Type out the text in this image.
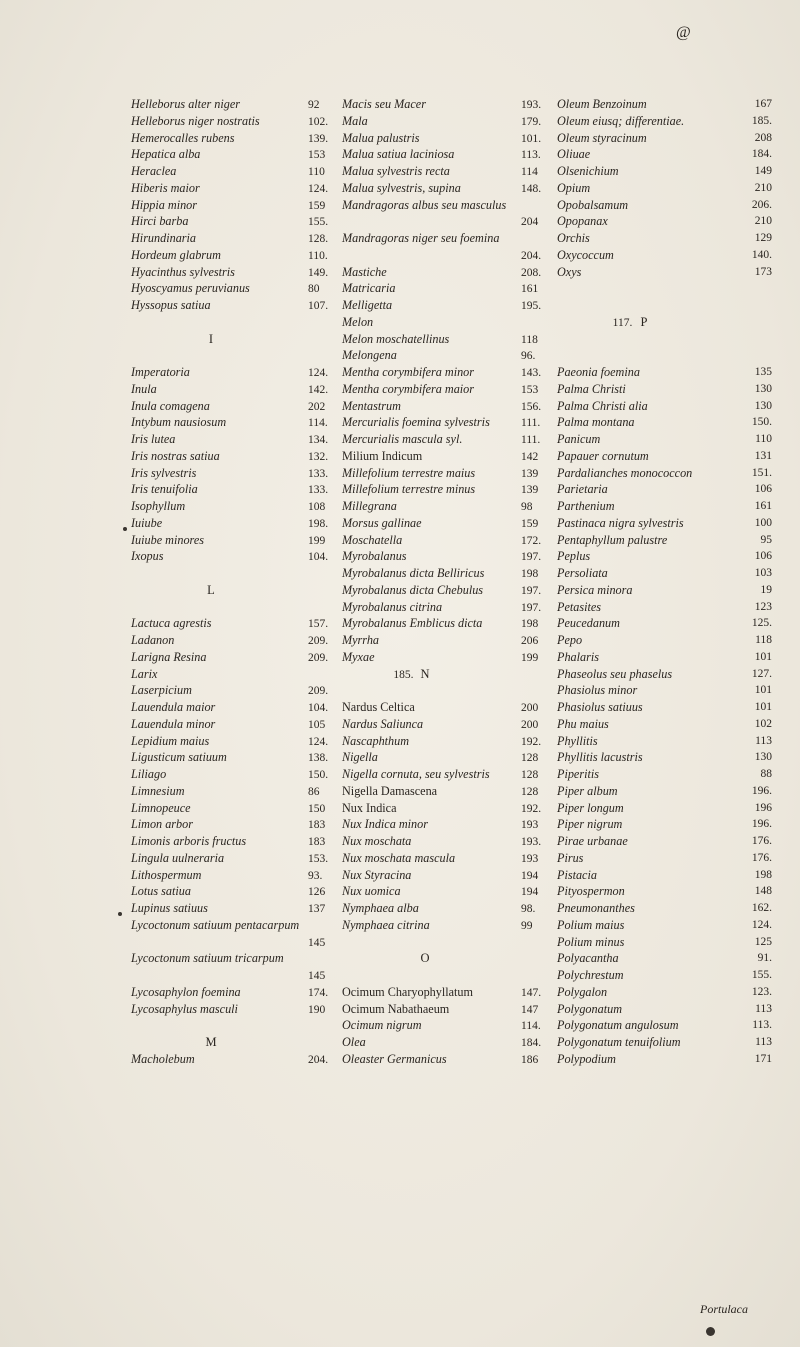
@
Helleborus alter niger
Helleborus niger nostratis
Hemerocalles rubens
Hepatica alba
Heraclea
Hiberis maior
Hippia minor
Hirci barba
Hirundinaria
Hordeum glabrum
Hyacinthus sylvestris
Hyoscyamus peruvianus
Hyssopus satiua
I
Imperatoria
Inula
Inula comagena
Intybum nausiosum
Iris lutea
Iris nostras satiua
Iris sylvestris
Iris tenuifolia
Isophyllum
Iuiube
Iuiube minores
Ixopus
L
Lactuca agrestis
Ladanon
Larigna Resina
Larix
Laserpicium
Lauendula maior
Lauendula minor
Lepidium maius
Ligusticum satiuum
Liliago
Limnesium
Limnopeuce
Limon arbor
Limonis arboris fructus
Lingula uulneraria
Lithospermum
Lotus satiua
Lupinus satiuus
Lycoctonum satiuum pentacarpum
Lycoctonum satiuum tricarpum
Lycosaphylon foemina
Lycosaphylus masculi
M
Macholebum
92 Macis seu Macer
102. Mala
139. Malua palustris
153 Malua satiua laciniosa
110 Malua sylvestris recta
124. Malua sylvestris, supina
159 Mandragoras albus seu masculus
155.
128. Mandragoras niger seu foemina
110.
149. Mastiche
80 Matricaria
107. Melligetta
Melon
Melon moschatellinus
Melongena
124. Mentha corymbifera minor
142. Mentha corymbifera maior
202 Mentastrum
114. Mercurialis foemina sylvestris
134. Mercurialis mascula syl.
132. Milium Indicum
133. Millefolium terrestre maius
133. Millefolium terrestre minus
108 Millegrana
198. Morsus gallinae
199 Moschatella
104. Myrobalanus
Myrobalanus dicta Belliricus
Myrobalanus dicta Chebulus
Myrobalanus citrina
157. Myrobalanus Emblicus dicta
209. Myrrha
209. Myxae
185. N
209.
104. Nardus Celtica
105 Nardus Saliunca
124. Nascaphthum
138. Nigella
150. Nigella cornuta, seu sylvestris
86 Nigella Damascena
150 Nux Indica
183 Nux Indica minor
183 Nux moschata
153. Nux moschata mascula
93. Nux Styracina
126 Nux uomica
137 Nymphaea alba
Nymphaea citrina
145
O
145
174. Ocimum Charyophyllatum
190 Ocimum Nabathaeum
Ocimum nigrum
Olea
204. Oleaster Germanicus
193. Oleum Benzoinum
179. Oleum eiusq; differentiae.
101. Oleum styracinum
113. Oliuae
114 Olsenichium
148. Opium
Opobalsamum
204 Opopanax
Orchis
204. Oxycoccum
208. Oxys
161
195.
117. P
118
96.
143. Paeonia foemina
153 Palma Christi
156. Palma Christi alia
111. Palma montana
111. Panicum
142 Papauer cornutum
139 Pardalianches monococcon
139 Parietaria
98 Parthenium
159 Pastinaca nigra sylvestris
172. Pentaphyllum palustre
197. Peplus
198 Persoliata
197. Persica minora
197. Petasites
198 Peucedanum
206 Pepo
199 Phalaris
Phaseolus seu phaselus
Phasiolus minor
200 Phasiolus satiuus
200 Phu maius
192. Phyllitis
128 Phyllitis lacustris
128 Piperitis
128 Piper album
192. Piper longum
193 Piper nigrum
193. Pirae urbanae
193 Pirus
194 Pistacia
194 Pityospermon
98. Pneumonanthes
99 Polium maius
Polium minus
Polyacantha
Polychrestum
147. Polygalon
147 Polygonatum
114. Polygonatum angulosum
184. Polygonatum tenuifolium
186 Polypodium
167
185.
208
184.
149
210
206.
210
129
140.
173
135
130
130
150.
110
131
151.
106
161
100
95
106
103
19
123
125.
118
101
127.
101
101
102
113
130
88
196.
196
196.
176.
176.
198
148
162.
124.
125
91.
155.
123.
113
113.
113
171
Portulaca
